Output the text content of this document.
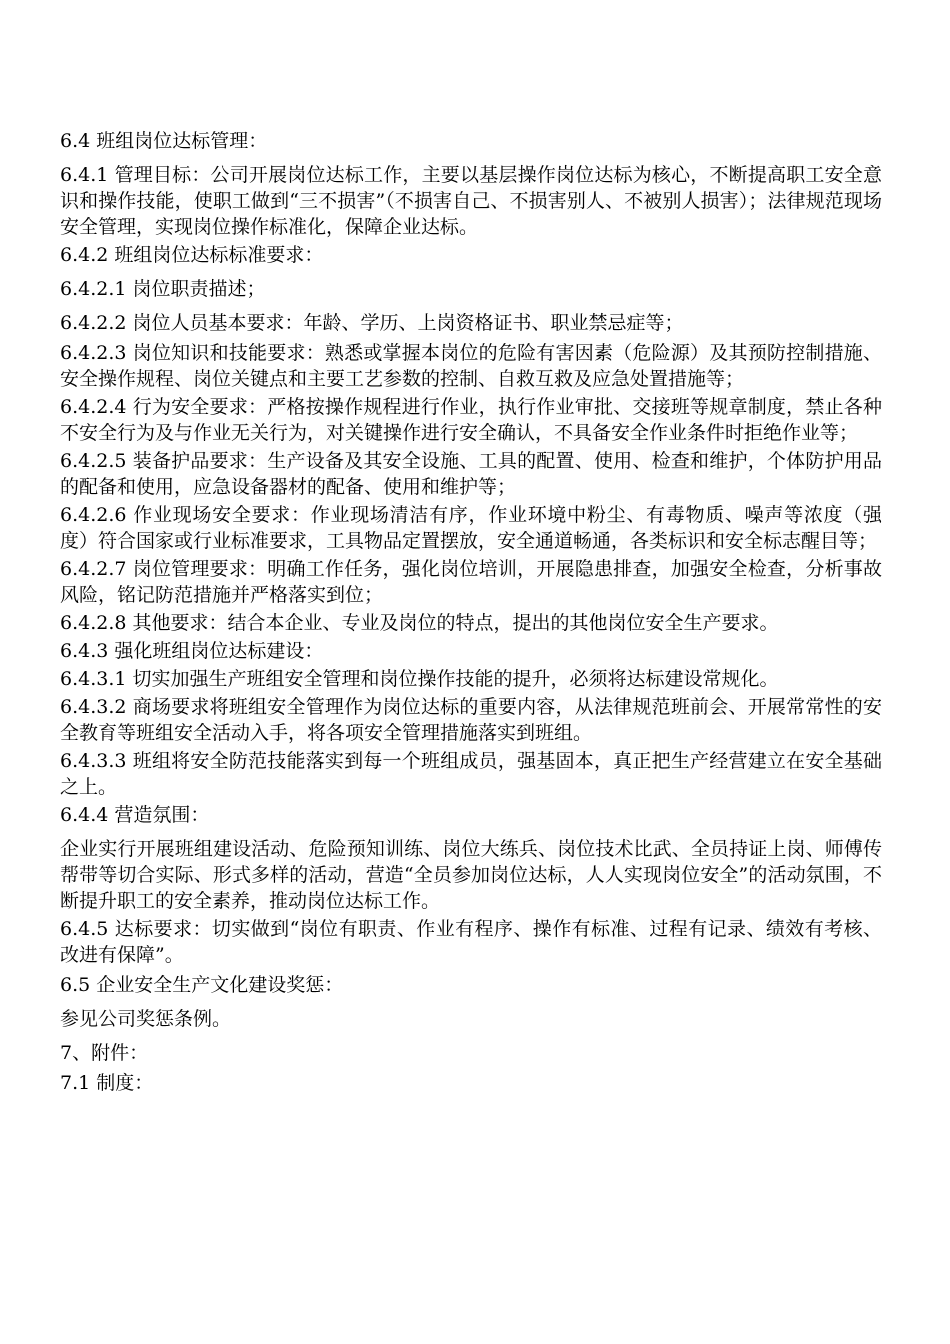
6.4 班组岗位达标管理：

6.4.1 管理目标：公司开展岗位达标工作，主要以基层操作岗位达标为核心，不断提高职工安全意识和操作技能，使职工做到“三不损害”（不损害自己、不损害别人、不被别人损害）；法律规范现场安全管理，实现岗位操作标准化，保障企业达标。

6.4.2 班组岗位达标标准要求：

6.4.2.1 岗位职责描述；

6.4.2.2 岗位人员基本要求：年龄、学历、上岗资格证书、职业禁忌症等；

6.4.2.3 岗位知识和技能要求：熟悉或掌握本岗位的危险有害因素（危险源）及其预防控制措施、安全操作规程、岗位关键点和主要工艺参数的控制、自救互救及应急处置措施等；

6.4.2.4 行为安全要求：严格按操作规程进行作业，执行作业审批、交接班等规章制度，禁止各种不安全行为及与作业无关行为，对关键操作进行安全确认，不具备安全作业条件时拒绝作业等；

6.4.2.5 装备护品要求：生产设备及其安全设施、工具的配置、使用、检查和维护，个体防护用品的配备和使用，应急设备器材的配备、使用和维护等；

6.4.2.6 作业现场安全要求：作业现场清洁有序，作业环境中粉尘、有毒物质、噪声等浓度（强度）符合国家或行业标准要求，工具物品定置摆放，安全通道畅通，各类标识和安全标志醒目等；

6.4.2.7 岗位管理要求：明确工作任务，强化岗位培训，开展隐患排查，加强安全检查，分析事故风险，铭记防范措施并严格落实到位；

6.4.2.8 其他要求：结合本企业、专业及岗位的特点，提出的其他岗位安全生产要求。

6.4.3 强化班组岗位达标建设：

6.4.3.1 切实加强生产班组安全管理和岗位操作技能的提升，必须将达标建设常规化。

6.4.3.2 商场要求将班组安全管理作为岗位达标的重要内容，从法律规范班前会、开展常常性的安全教育等班组安全活动入手，将各项安全管理措施落实到班组。

6.4.3.3 班组将安全防范技能落实到每一个班组成员，强基固本，真正把生产经营建立在安全基础之上。

6.4.4 营造氛围：

企业实行开展班组建设活动、危险预知训练、岗位大练兵、岗位技术比武、全员持证上岗、师傅传帮带等切合实际、形式多样的活动，营造“全员参加岗位达标，人人实现岗位安全”的活动氛围，不断提升职工的安全素养，推动岗位达标工作。

6.4.5 达标要求：切实做到“岗位有职责、作业有程序、操作有标准、过程有记录、绩效有考核、改进有保障”。

6.5 企业安全生产文化建设奖惩：

参见公司奖惩条例。

7、附件：

7.1 制度：
